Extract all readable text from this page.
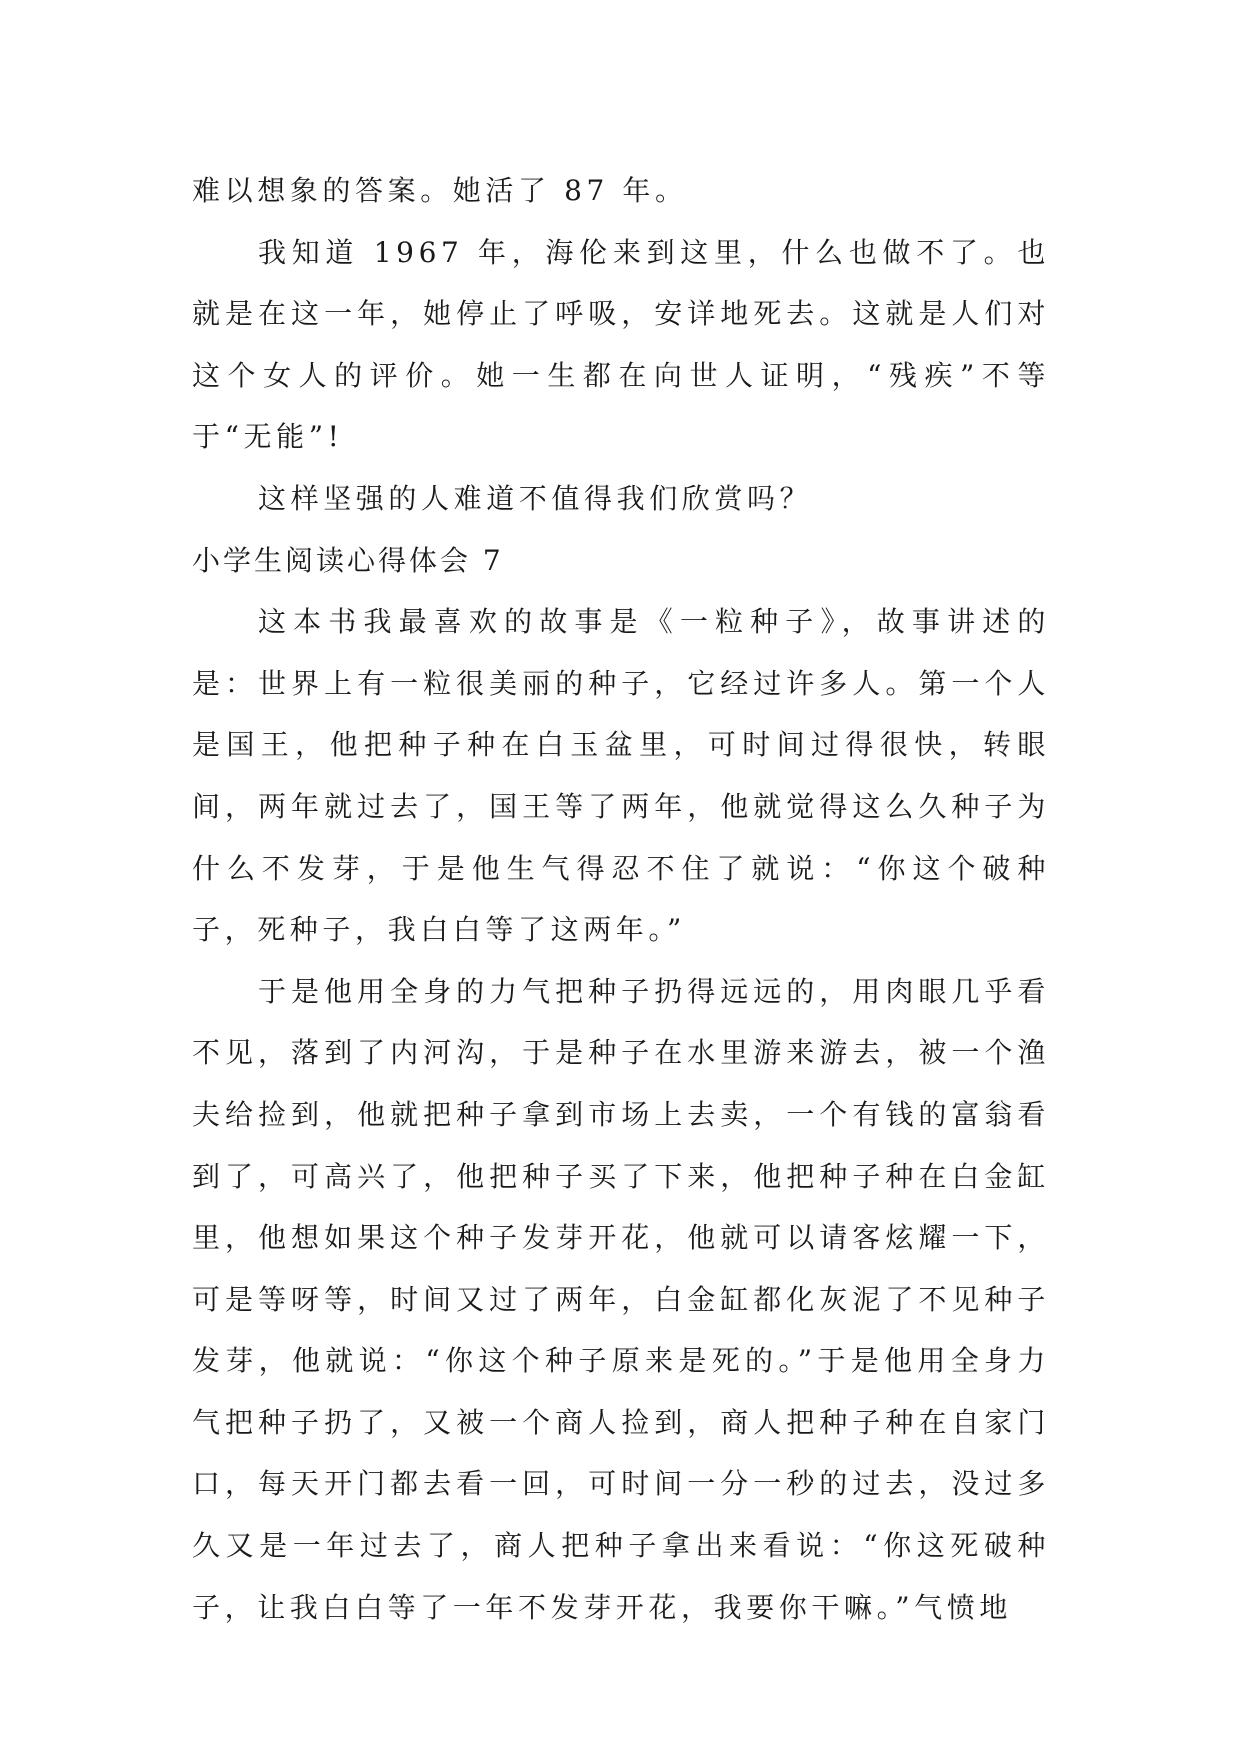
难以想象的答案。她活了 87 年。

我知道 1967 年，海伦来到这里，什么也做不了。也就是在这一年，她停止了呼吸，安详地死去。这就是人们对这个女人的评价。她一生都在向世人证明，“残疾”不等于“无能”!

这样坚强的人难道不值得我们欣赏吗？

小学生阅读心得体会 7

这本书我最喜欢的故事是《一粒种子》，故事讲述的是：世界上有一粒很美丽的种子，它经过许多人。第一个人是国王，他把种子种在白玉盆里，可时间过得很快，转眼间，两年就过去了，国王等了两年，他就觉得这么久种子为什么不发芽，于是他生气得忍不住了就说：“你这个破种子，死种子，我白白等了这两年。”

于是他用全身的力气把种子扔得远远的，用肉眼几乎看不见，落到了内河沟，于是种子在水里游来游去，被一个渔夫给捡到，他就把种子拿到市场上去卖，一个有钱的富翁看到了，可高兴了，他把种子买了下来，他把种子种在白金缸里，他想如果这个种子发芽开花，他就可以请客炫耀一下，可是等呀等，时间又过了两年，白金缸都化灰泥了不见种子发芽，他就说：“你这个种子原来是死的。”于是他用全身力气把种子扔了，又被一个商人捡到，商人把种子种在自家门口，每天开门都去看一回，可时间一分一秒的过去，没过多久又是一年过去了，商人把种子拿出来看说：“你这死破种子，让我白白等了一年不发芽开花，我要你干嘛。”气愤地
